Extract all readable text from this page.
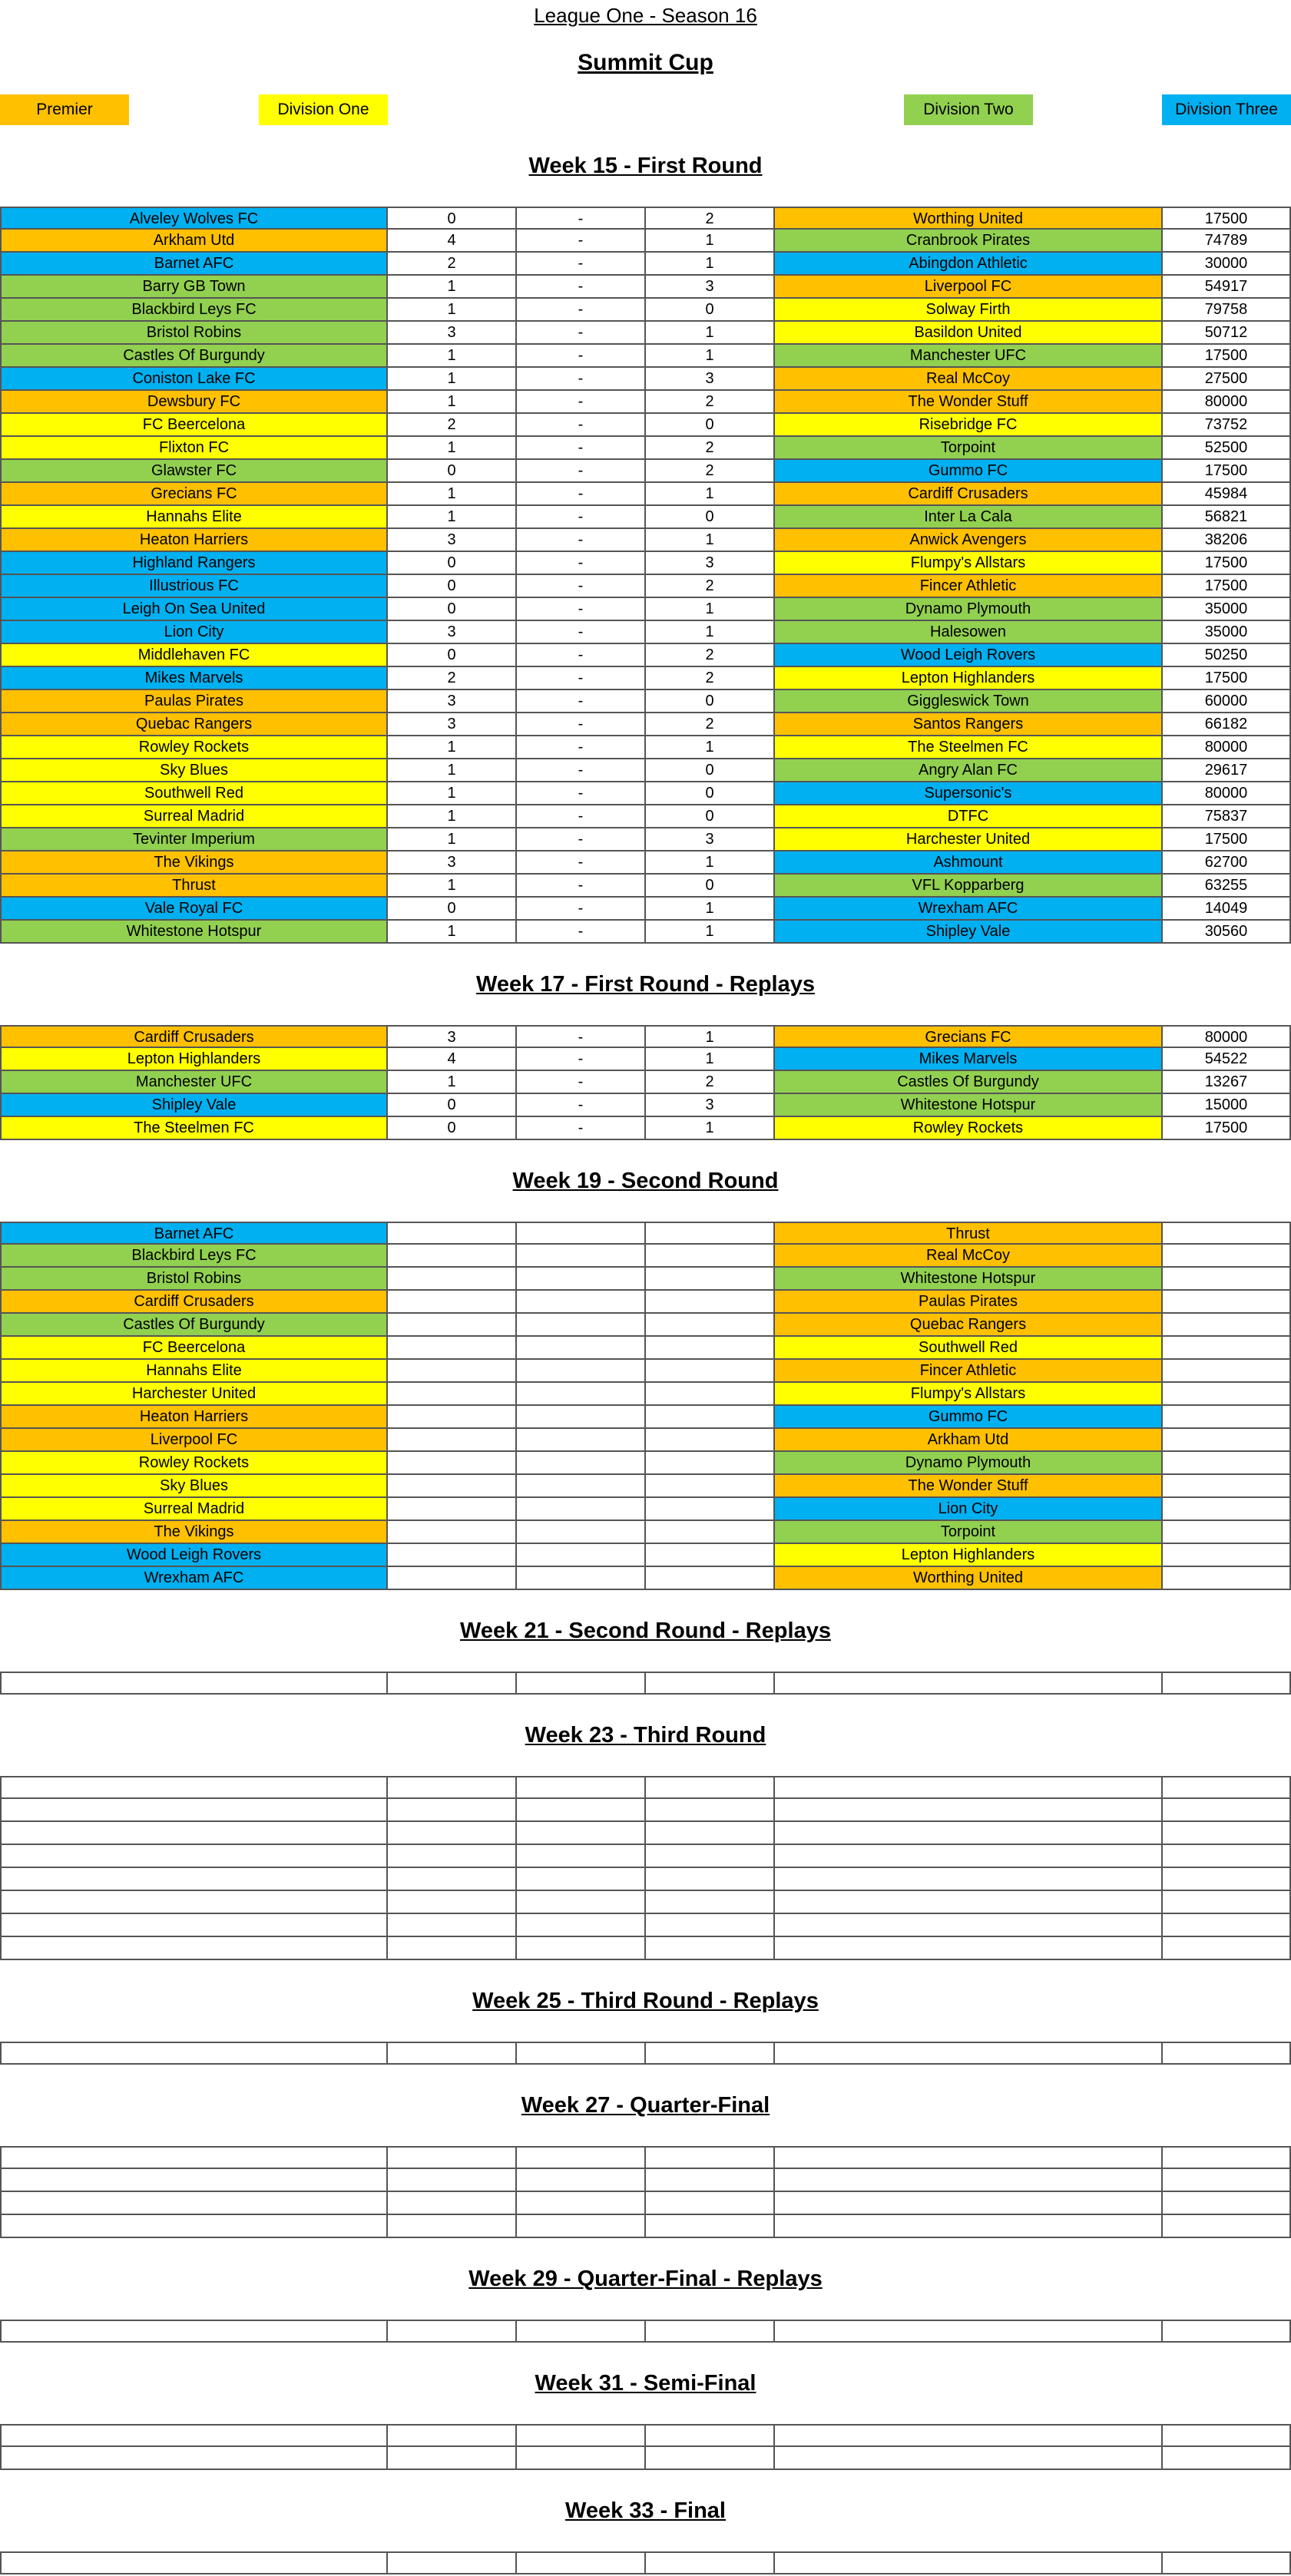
League One - Season 16
Summit Cup
Premier	Division One	Division Two	Division Three
Week 15 - First Round
Alveley Wolves FC	0	-	2	Worthing United	17500
Arkham Utd	4	-	1	Cranbrook Pirates	74789
Barnet AFC	2	-	1	Abingdon Athletic	30000
Barry GB Town	1	-	3	Liverpool FC	54917
Blackbird Leys FC	1	-	0	Solway Firth	79758
Bristol Robins	3	-	1	Basildon United	50712
Castles Of Burgundy	1	-	1	Manchester UFC	17500
Coniston Lake FC	1	-	3	Real McCoy	27500
Dewsbury FC	1	-	2	The Wonder Stuff	80000
FC Beercelona	2	-	0	Risebridge FC	73752
Flixton FC	1	-	2	Torpoint	52500
Glawster FC	0	-	2	Gummo FC	17500
Grecians FC	1	-	1	Cardiff Crusaders	45984
Hannahs Elite	1	-	0	Inter La Cala	56821
Heaton Harriers	3	-	1	Anwick Avengers	38206
Highland Rangers	0	-	3	Flumpy's Allstars	17500
Illustrious FC	0	-	2	Fincer Athletic	17500
Leigh On Sea United	0	-	1	Dynamo Plymouth	35000
Lion City	3	-	1	Halesowen	35000
Middlehaven FC	0	-	2	Wood Leigh Rovers	50250
Mikes Marvels	2	-	2	Lepton Highlanders	17500
Paulas Pirates	3	-	0	Giggleswick Town	60000
Quebac Rangers	3	-	2	Santos Rangers	66182
Rowley Rockets	1	-	1	The Steelmen FC	80000
Sky Blues	1	-	0	Angry Alan FC	29617
Southwell Red	1	-	0	Supersonic's	80000
Surreal Madrid	1	-	0	DTFC	75837
Tevinter Imperium	1	-	3	Harchester United	17500
The Vikings	3	-	1	Ashmount	62700
Thrust	1	-	0	VFL Kopparberg	63255
Vale Royal FC	0	-	1	Wrexham AFC	14049
Whitestone Hotspur	1	-	1	Shipley Vale	30560
Week 17 - First Round - Replays
Cardiff Crusaders	3	-	1	Grecians FC	80000
Lepton Highlanders	4	-	1	Mikes Marvels	54522
Manchester UFC	1	-	2	Castles Of Burgundy	13267
Shipley Vale	0	-	3	Whitestone Hotspur	15000
The Steelmen FC	0	-	1	Rowley Rockets	17500
Week 19 - Second Round
Barnet AFC	Thrust
Blackbird Leys FC	Real McCoy
Bristol Robins	Whitestone Hotspur
Cardiff Crusaders	Paulas Pirates
Castles Of Burgundy	Quebac Rangers
FC Beercelona	Southwell Red
Hannahs Elite	Fincer Athletic
Harchester United	Flumpy's Allstars
Heaton Harriers	Gummo FC
Liverpool FC	Arkham Utd
Rowley Rockets	Dynamo Plymouth
Sky Blues	The Wonder Stuff
Surreal Madrid	Lion City
The Vikings	Torpoint
Wood Leigh Rovers	Lepton Highlanders
Wrexham AFC	Worthing United
Week 21 - Second Round - Replays
Week 23 - Third Round
Week 25 - Third Round - Replays
Week 27 - Quarter-Final
Week 29 - Quarter-Final - Replays
Week 31 - Semi-Final
Week 33 - Final
